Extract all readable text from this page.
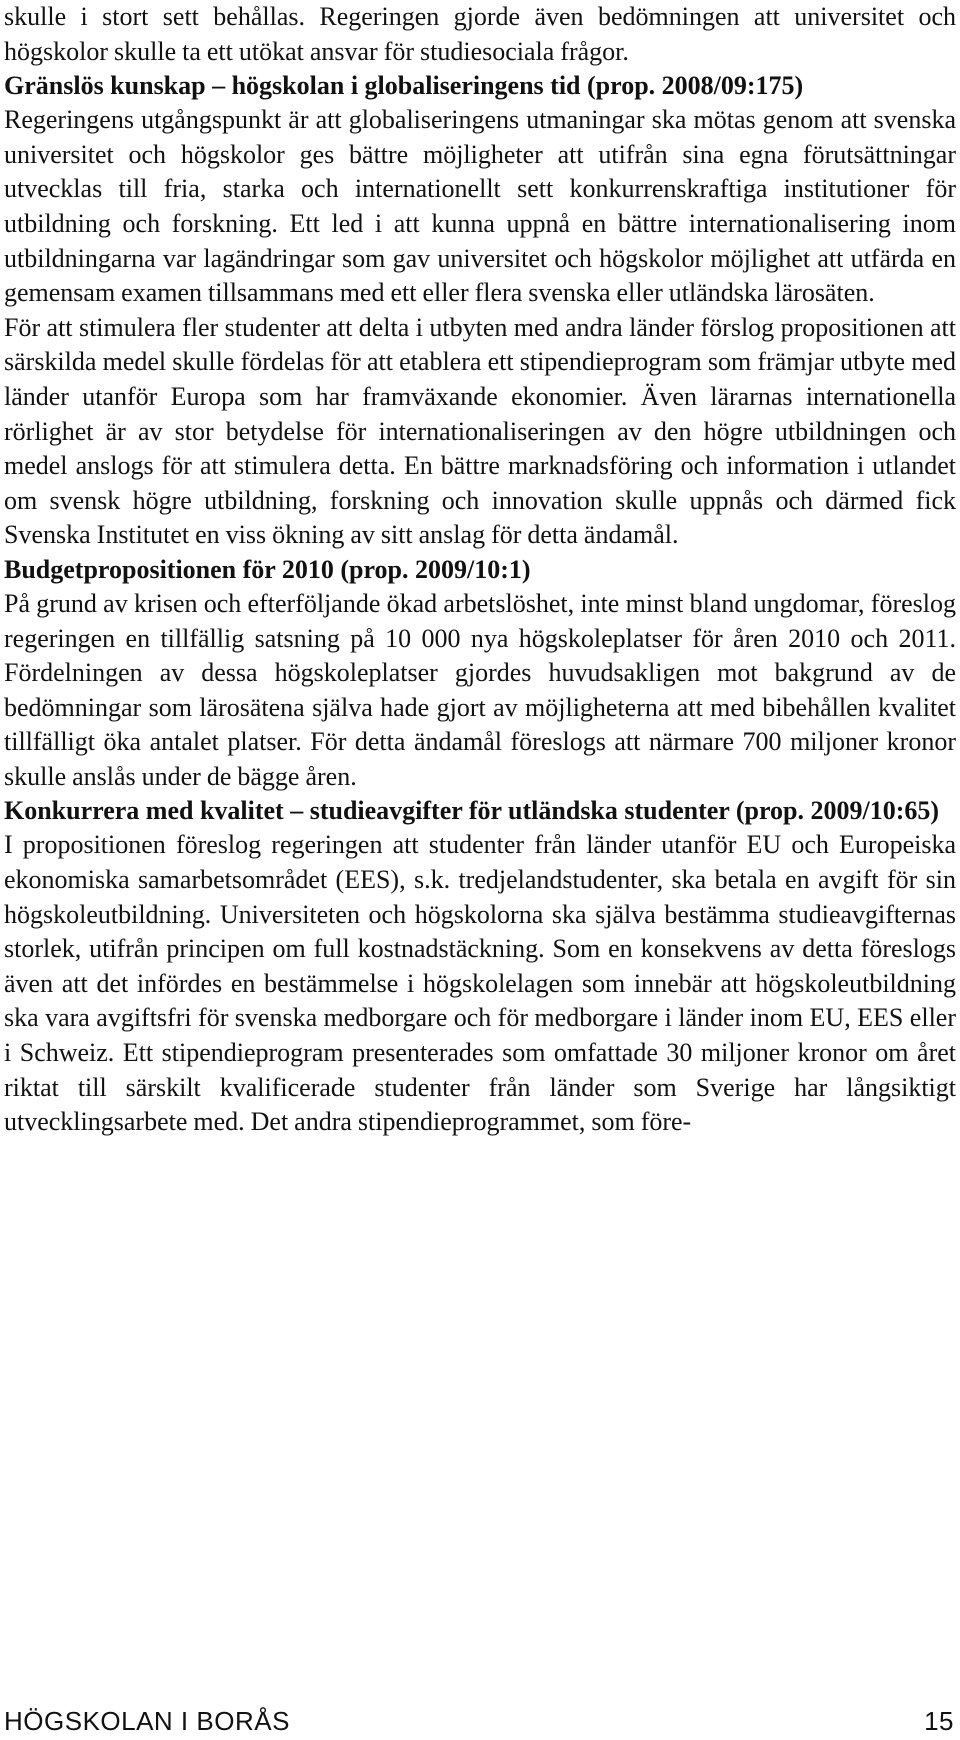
skulle i stort sett behållas. Regeringen gjorde även bedömningen att universitet och högskolor skulle ta ett utökat ansvar för studiesociala frågor.

Gränslös kunskap – högskolan i globaliseringens tid (prop. 2008/09:175)

Regeringens utgångspunkt är att globaliseringens utmaningar ska mötas genom att svenska universitet och högskolor ges bättre möjligheter att utifrån sina egna förutsättningar utvecklas till fria, starka och internationellt sett konkurrenskraftiga institutioner för utbildning och forskning. Ett led i att kunna uppnå en bättre internationalisering inom utbildningarna var lagändringar som gav universitet och högskolor möjlighet att utfärda en gemensam examen tillsammans med ett eller flera svenska eller utländska lärosäten.

För att stimulera fler studenter att delta i utbyten med andra länder förslog propositionen att särskilda medel skulle fördelas för att etablera ett stipendieprogram som främjar utbyte med länder utanför Europa som har framväxande ekonomier. Även lärarnas internationella rörlighet är av stor betydelse för internationaliseringen av den högre utbildningen och medel anslogs för att stimulera detta. En bättre marknadsföring och information i utlandet om svensk högre utbildning, forskning och innovation skulle uppnås och därmed fick Svenska Institutet en viss ökning av sitt anslag för detta ändamål.

Budgetpropositionen för 2010 (prop. 2009/10:1)

På grund av krisen och efterföljande ökad arbetslöshet, inte minst bland ungdomar, föreslog regeringen en tillfällig satsning på 10 000 nya högskoleplatser för åren 2010 och 2011. Fördelningen av dessa högskoleplatser gjordes huvudsakligen mot bakgrund av de bedömningar som lärosätena själva hade gjort av möjligheterna att med bibehållen kvalitet tillfälligt öka antalet platser. För detta ändamål föreslogs att närmare 700 miljoner kronor skulle anslås under de bägge åren.

Konkurrera med kvalitet – studieavgifter för utländska studenter (prop. 2009/10:65)

I propositionen föreslog regeringen att studenter från länder utanför EU och Europeiska ekonomiska samarbetsområdet (EES), s.k. tredjelandstudenter, ska betala en avgift för sin högskoleutbildning. Universiteten och högskolorna ska själva bestämma studieavgifternas storlek, utifrån principen om full kostnadstäckning. Som en konsekvens av detta föreslogs även att det infördes en bestämmelse i högskolelagen som innebär att högskoleutbildning ska vara avgiftsfri för svenska medborgare och för medborgare i länder inom EU, EES eller i Schweiz. Ett stipendieprogram presenterades som omfattade 30 miljoner kronor om året riktat till särskilt kvalificerade studenter från länder som Sverige har långsiktigt utvecklingsarbete med. Det andra stipendieprogrammet, som före-

HÖGSKOLAN I BORÅS	15
